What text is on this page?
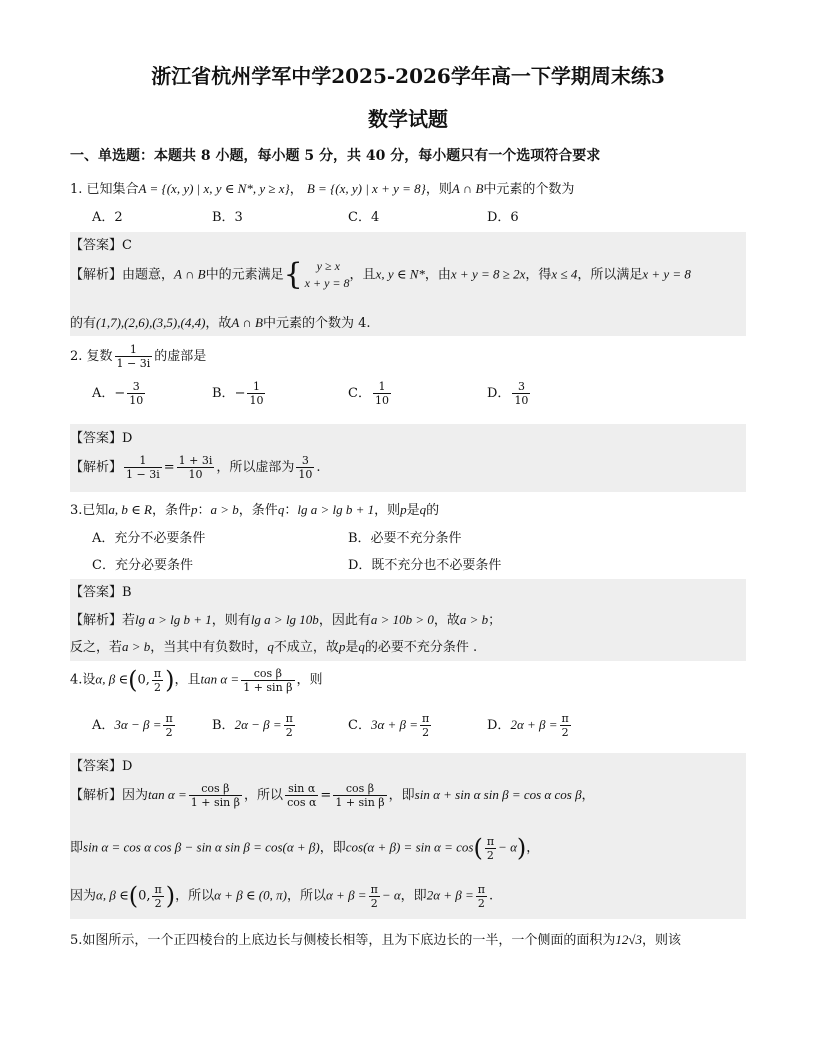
浙江省杭州学军中学2025-2026学年高一下学期周末练3
数学试题
一、单选题：本题共 8 小题，每小题 5 分，共 40 分，每小题只有一个选项符合要求
1. 已知集合A = {(x, y) | x, y ∈ N*, y ≥ x}， B = {(x, y) | x + y = 8}，则A ∩ B中元素的个数为
A．2	B．3	C．4	D．6
【答案】C
【解析】由题意，A ∩ B中的元素满足{	y ≥ x
x + y = 8
，且x, y ∈ N*，由x + y = 8 ≥ 2x，得x ≤ 4，所以满足x + y = 8
的有(1,7),(2,6),(3,5),(4,4)，故A ∩ B中元素的个数为 4.
2. 复数 $\frac{1}{1 - 3i}$ 的虚部是
A．− $\frac{3}{10}$	B．− $\frac{1}{10}$	C． $\frac{1}{10}$	D． $\frac{3}{10}$
【答案】D
【解析】 $\frac{1}{1 - 3i} = \frac{1 + 3i}{10}$ ，所以虚部为 $\frac{3}{10}$ .
3.已知a, b ∈ R，条件p：a > b，条件q：lg a > lg b + 1，则p是q的
A．充分不必要条件	B．必要不充分条件
C．充分必要条件	D．既不充分也不必要条件
【答案】B
【解析】若lg a > lg b + 1，则有lg a > lg 10b，因此有a > 10b > 0，故a > b；
反之，若a > b，当其中有负数时，q不成立，故p是q的必要不充分条件 .
4.设α, β ∈(0, $\frac{\pi}{2}$ )，且$\tan \alpha = \frac{\text{cos β}}{\text{1 + sin β}}$ ，则
A．$3\alpha - \beta = \frac{\pi}{2}$	B．$2\alpha - \beta = \frac{\pi}{2}$	C．$3\alpha + \beta = \frac{\pi}{2}$	D．$2\alpha + \beta = \frac{\pi}{2}$
【答案】D
【解析】因为$\tan \alpha = \frac{\text{cos β}}{\text{1 + sin β}}$ ，所以 $\frac{\text{sin α}}{\text{cos α}} = \frac{\text{cos β}}{\text{1 + sin β}}$ ，即sin α + sin α sin β = cos α cos β，
即sin α = cos α cos β − sin α sin β = cos(α + β)，即$\cos(\alpha + \beta) = \sin \alpha = \cos( \frac{\pi}{2} - \alpha)$，
因为α, β ∈(0, $\frac{\pi}{2}$ )，所以α + β ∈ (0, π)，所以$\alpha + \beta = \frac{\pi}{2} - \alpha$，即$2\alpha + \beta = \frac{\pi}{2}$ .
5.如图所示，一个正四棱台的上底边长与侧棱长相等，且为下底边长的一半，一个侧面的面积为12√3，则该
